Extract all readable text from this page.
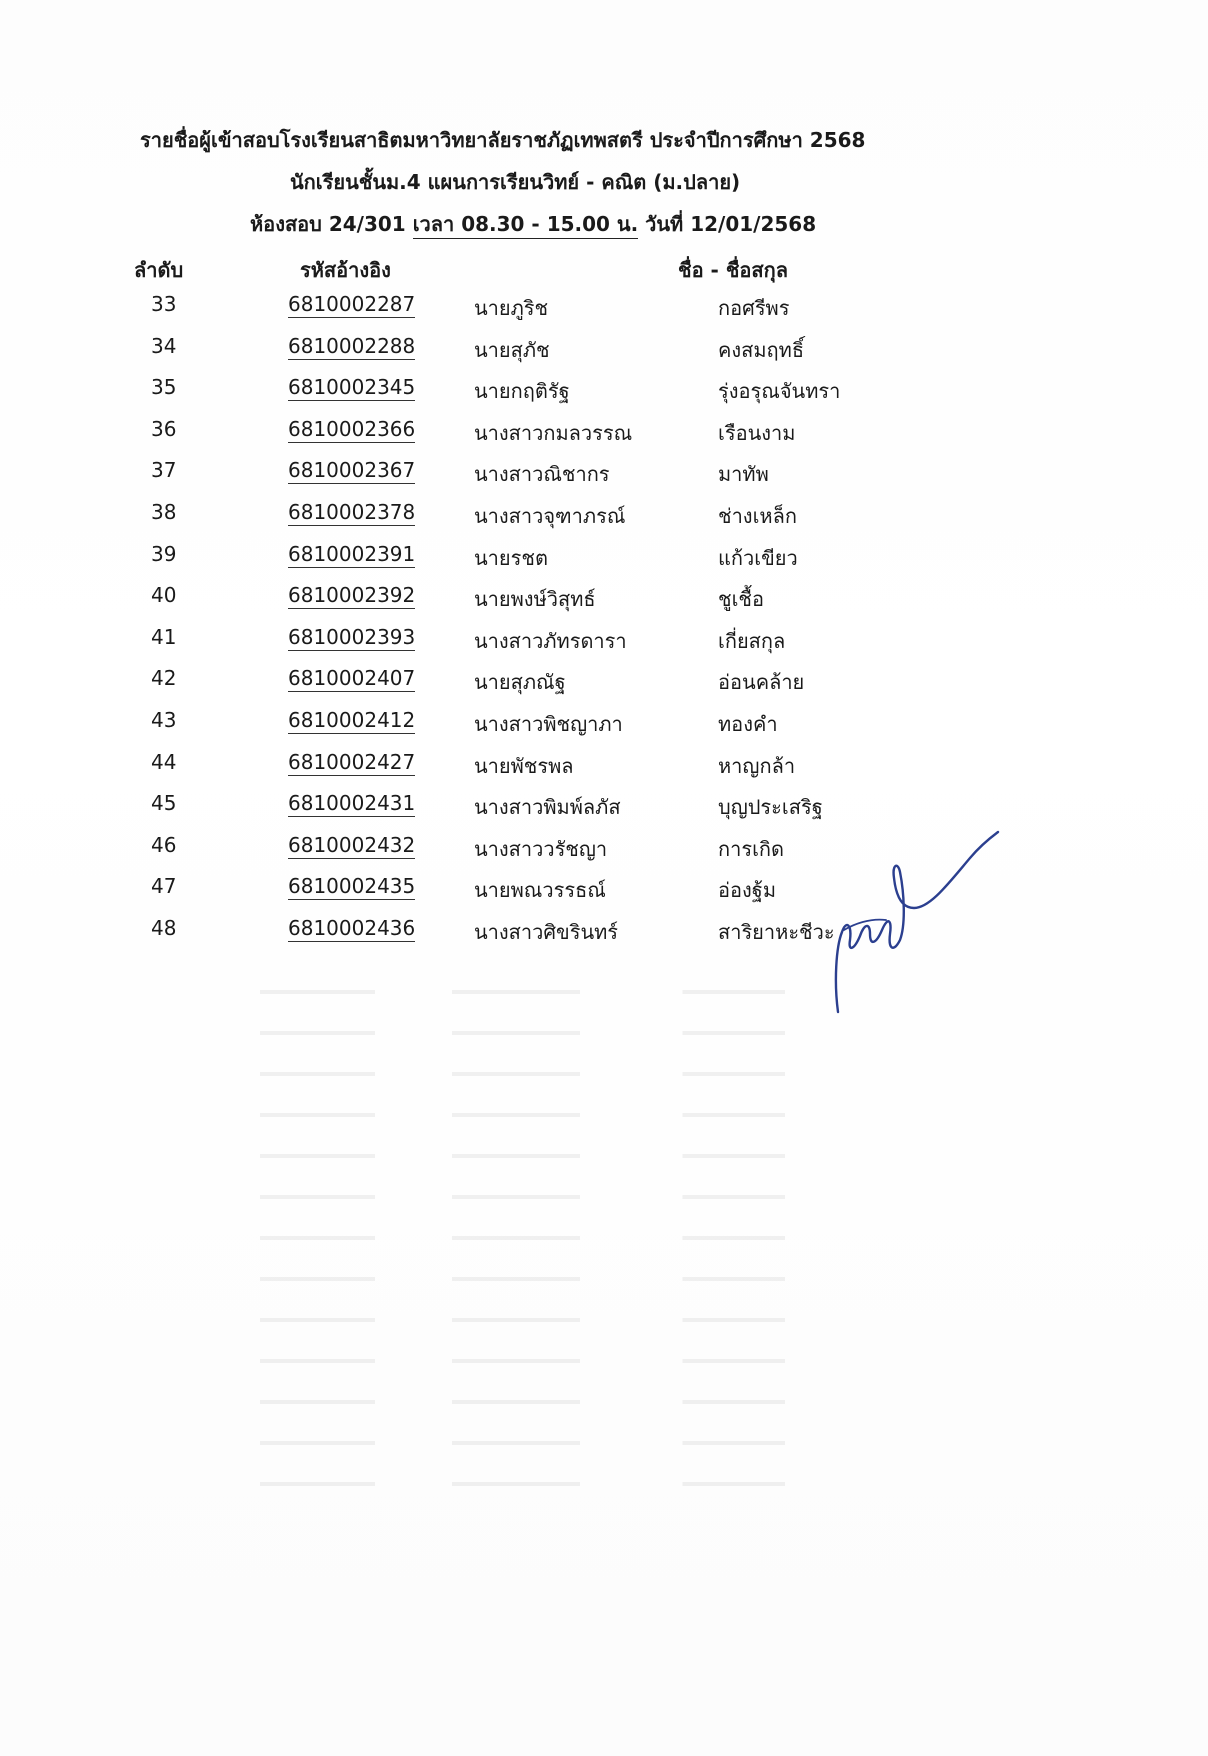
รายชื่อผู้เข้าสอบโรงเรียนสาธิตมหาวิทยาลัยราชภัฏเทพสตรี ประจำปีการศึกษา 2568
นักเรียนชั้นม.4 แผนการเรียนวิทย์ - คณิต (ม.ปลาย)
ห้องสอบ 24/301 เวลา 08.30 - 15.00 น. วันที่ 12/01/2568
ลำดับ	รหัสอ้างอิง	ชื่อ - ชื่อสกุล
33	6810002287	นายภูริช	กอศรีพร
34	6810002288	นายสุภัช	คงสมฤทธิ์
35	6810002345	นายกฤติรัฐ	รุ่งอรุณจันทรา
36	6810002366	นางสาวกมลวรรณ	เรือนงาม
37	6810002367	นางสาวณิชากร	มาทัพ
38	6810002378	นางสาวจุฑาภรณ์	ช่างเหล็ก
39	6810002391	นายรชต	แก้วเขียว
40	6810002392	นายพงษ์วิสุทธ์	ชูเชื้อ
41	6810002393	นางสาวภัทรดารา	เกี่ยสกุล
42	6810002407	นายสุภณัฐ	อ่อนคล้าย
43	6810002412	นางสาวพิชญาภา	ทองคำ
44	6810002427	นายพัชรพล	หาญกล้า
45	6810002431	นางสาวพิมพ์ลภัส	บุญประเสริฐ
46	6810002432	นางสาววรัชญา	การเกิด
47	6810002435	นายพณวรรธณ์	อ่องฐ้ม
48	6810002436	นางสาวศิขรินทร์	สาริยาหะชีวะ
